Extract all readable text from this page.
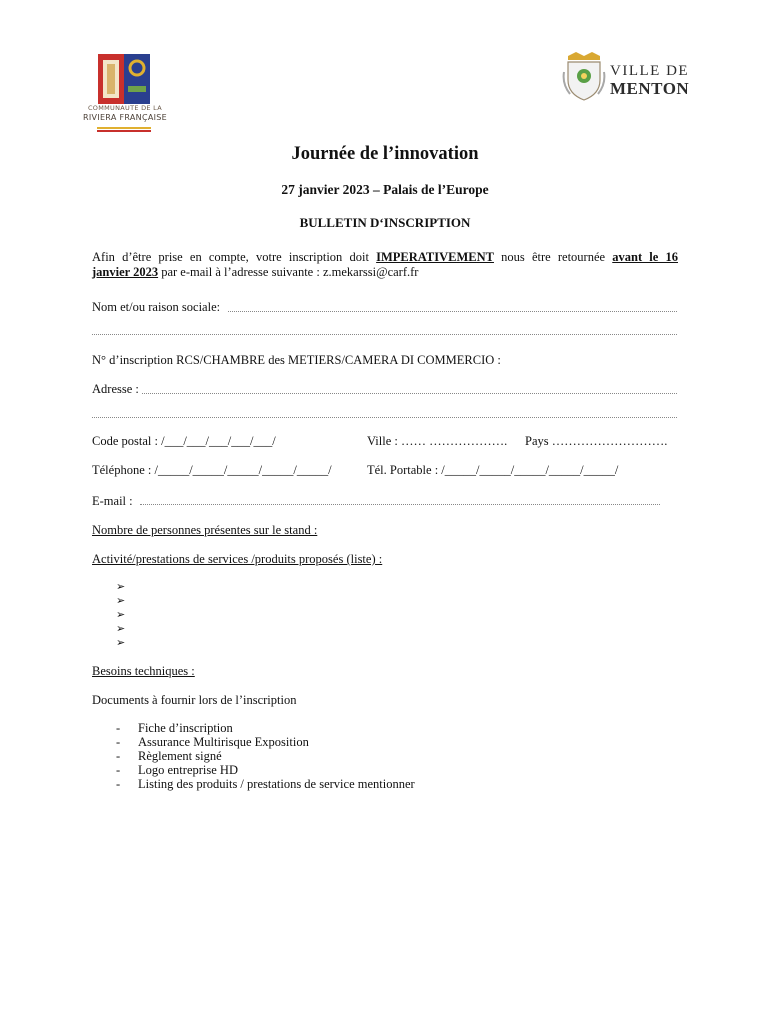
COMMUNAUTE DE LA
RIVIERA FRANÇAISE
VILLE DE
MENTON
Journée de l’innovation
27 janvier 2023 – Palais de l’Europe
BULLETIN D‘INSCRIPTION
Afin d’être prise en compte, votre inscription doit IMPERATIVEMENT nous être retournée avant le 16
janvier 2023 par e-mail à l’adresse suivante : z.mekarssi@carf.fr
Nom et/ou raison sociale:
N° d’inscription RCS/CHAMBRE des METIERS/CAMERA DI COMMERCIO :
Adresse :
Code postal : /___/___/___/___/___/	Ville : …… ………………. Pays ……………………….
Téléphone : /_____/_____/_____/_____/_____/	Tél. Portable : /_____/_____/_____/_____/_____/
E-mail :
Nombre de personnes présentes sur le stand :
Activité/prestations de services /produits proposés (liste) :
➢
➢
➢
➢
➢
Besoins techniques :
Documents à fournir lors de l’inscription
- Fiche d’inscription
- Assurance Multirisque Exposition
- Règlement signé
- Logo entreprise HD
- Listing des produits / prestations de service mentionner
